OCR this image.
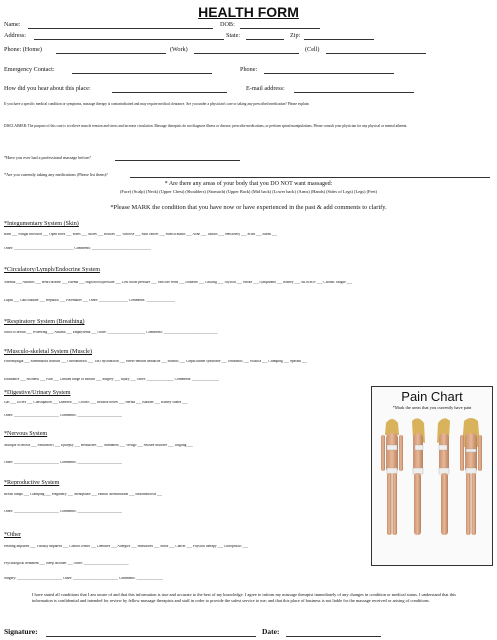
HEALTH FORM
Name:	DOB:
Address:	State:	Zip:
Phone: (Home)	(Work)	(Cell)
Emergency Contact:	Phone:
How did you hear about this place:	E-mail address:
If you have a specific medical condition or symptoms, massage therapy is contraindicated and may require medical clearance. Are you under a physician's care or taking any prescribed medication? Please explain:
DISCLAIMER: The purpose of this care is to relieve muscle tension and stress and increase circulation. Massage therapists do not diagnose illness or disease, prescribe medications, or perform spinal manipulations. Please consult your physician for any physical or mental ailment.
*Have you ever had a professional massage before?
*Are you currently taking any medications (Please list them)?
* Are there any areas of your body that you DO NOT want massaged:
(Face) (Scalp) (Neck) (Upper Chest) (Shoulders) (Stomach) (Upper Back) (Mid back) (Lower back) (Arms) (Hands) (Sides of Legs) (Legs) (Feet)
*Please MARK the condition that you have now or have experienced in the past & add comments to clarify.
*Integumentary System (Skin)
Rash ___ Fungal infection ___ Open sores ___ Warts ___ Moles ___ Bruises ___ Varicose ___ Skin cancer ___ Stretch marks ___ Acne ___ Tattoos ___ Sensitivity ___ Scars ___ Burns ___
Other: _________________________________ Comments: _________________________________
*Circulatory/Lymph/Endocrine System
Anemia ___ Arthritis ___ Heart disease ___ Edema ___ High blood pressure ___ Low blood pressure ___ Varicose veins ___ Diabetes ___ Chilling ___ Thyroid ___ Stroke ___ Lymphoma ___ Kidney ___ AIDS/HIV ___ Chronic fatigue ___
Lupus ___ Gall/Bladder ___ Hepatitis ___ Pacemaker ___ Other: ________________ Comments: ________________
*Respiratory System (Breathing)
Short of breath ___ Wheezing ___ Asthma ___ Emphysema ___ Other: _____________________ Comments: ______________________________
*Musculo-skeletal System (Muscle)
Fibromyalgia ___ Rheumatoid arthritis ___ Osteoarthritis ___ TMJ dysfunction ___ Stress-tension headache ___ Bursitis ___ Carpal tunnel syndrome ___ Tendonitis ___ Sciatica ___ Cramping ___ Spasms ___
Endurance ___ Stiffness ___ Pain ___ Limited range of motion ___ Surgery ___ Injury ___ Other: _______________ Comments: _______________
*Digestive/Urinary System
Gas ___ Ulcers ___ Constipation ___ Diarrhea ___ Crohn's ___ Irritable bowel ___ Hernia ___ Bladder ___ Kidney stones ___
Other: _________________________ Comments: _________________________
*Nervous System
Multiple Sclerosis ___ Parkinson's ___ Epilepsy ___ Headaches ___ Numbness ___ Vertigo ___ Seizure disorder ___ Tingling ___
Other: _________________________ Comments: _________________________
*Reproductive System
Breast lumps ___ Cramping ___ Pregnancy ___ Menopause ___ Painful Menstruation ___ Endometriosis ___
Other: _________________________ Comments: _________________________
*Other
Hearing impaired ___ Visually impaired ___ Contact lenses ___ Dentures ___ Allergies ___ Headaches ___ Sinus ___ Cancer ___ Physical therapy ___ Chiropractic ___
Psychological treatment ___ Sleep disorder ___ Other: _________________________
Surgery: _________________________ Other: _________________________ Comments: _______________
Pain Chart
*Mark the areas that you currently have pain
I have stated all conditions that I am aware of and that this information is true and accurate to the best of my knowledge. I agree to inform my massage therapist immediately of any changes in condition or medical status. I understand that this information is confidential and intended for review by fellow massage therapists and staff in order to provide the safest service to me; and that this place of business is not liable for the massage received or arising of conditions.
Signature:	Date:
